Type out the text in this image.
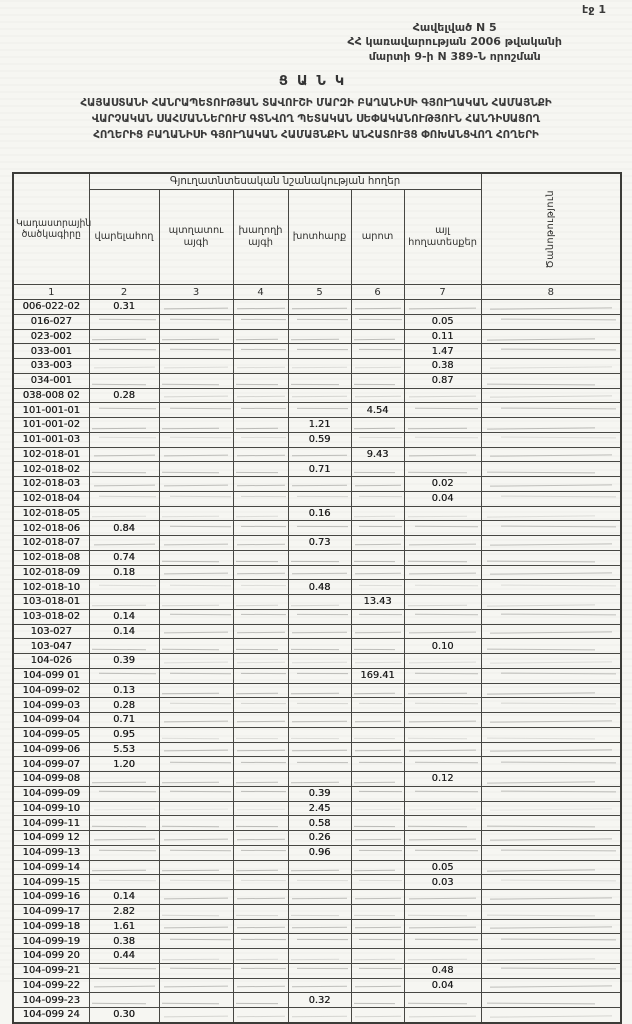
էջ 1
Հավելված N 5
ՀՀ կառավարության 2006 թվականի
մարտի 9-ի N 389-Ն որոշման
ՑԱՆԿ
ՀԱՅԱՍՏԱՆԻ ՀԱՆՐԱՊԵՏՈՒԹՅԱՆ ՏԱՎՈՒՇԻ ՄԱՐԶԻ ԲԱՂԱՆԻՍԻ ԳՅՈՒՂԱԿԱՆ ՀԱՄԱՅՆՔԻ
ՎԱՐՉԱԿԱՆ ՍԱՀՄԱՆՆԵՐՈՒՄ ԳՏՆՎՈՂ ՊԵՏԱԿԱՆ ՍԵՓԱԿԱՆՈՒԹՅՈՒՆ ՀԱՆԴԻՍԱՑՈՂ
ՀՈՂԵՐԻՑ ԲԱՂԱՆԻՍԻ ԳՅՈՒՂԱԿԱՆ ՀԱՄԱՅՆՔԻՆ ԱՆՀԱՏՈՒՅՑ ՓՈԽԱՆՑՎՈՂ ՀՈՂԵՐԻ
Կադաստրային ծածկագիրը	Գյուղատնտեսական նշանակության հողեր						Ծանոթություն

	վարելահող	պտղատու այգի	խաղողի այգի	խոտհարք	արոտ	այլ հողատեսքեր	
1	2	3	4	5	6	7	8
006-022-02	0.31						
016-027						0.05	
023-002						0.11	
033-001						1.47	
033-003						0.38	
034-001						0.87	
038-008 02	0.28						
101-001-01					4.54		
101-001-02				1.21			
101-001-03				0.59			
102-018-01					9.43		
102-018-02				0.71			
102-018-03						0.02	
102-018-04						0.04	
102-018-05				0.16			
102-018-06	0.84						
102-018-07				0.73			
102-018-08	0.74						
102-018-09	0.18						
102-018-10				0.48			
103-018-01					13.43		
103-018-02	0.14						
103-027	0.14						
103-047						0.10	
104-026	0.39						
104-099 01					169.41		
104-099-02	0.13						
104-099-03	0.28						
104-099-04	0.71						
104-099-05	0.95						
104-099-06	5.53						
104-099-07	1.20						
104-099-08						0.12	
104-099-09				0.39			
104-099-10				2.45			
104-099-11				0.58			
104-099 12				0.26			
104-099-13				0.96			
104-099-14						0.05	
104-099-15						0.03	
104-099-16	0.14						
104-099-17	2.82						
104-099-18	1.61						
104-099-19	0.38						
104-099 20	0.44						
104-099-21						0.48	
104-099-22						0.04	
104-099-23				0.32			
104-099 24	0.30						
